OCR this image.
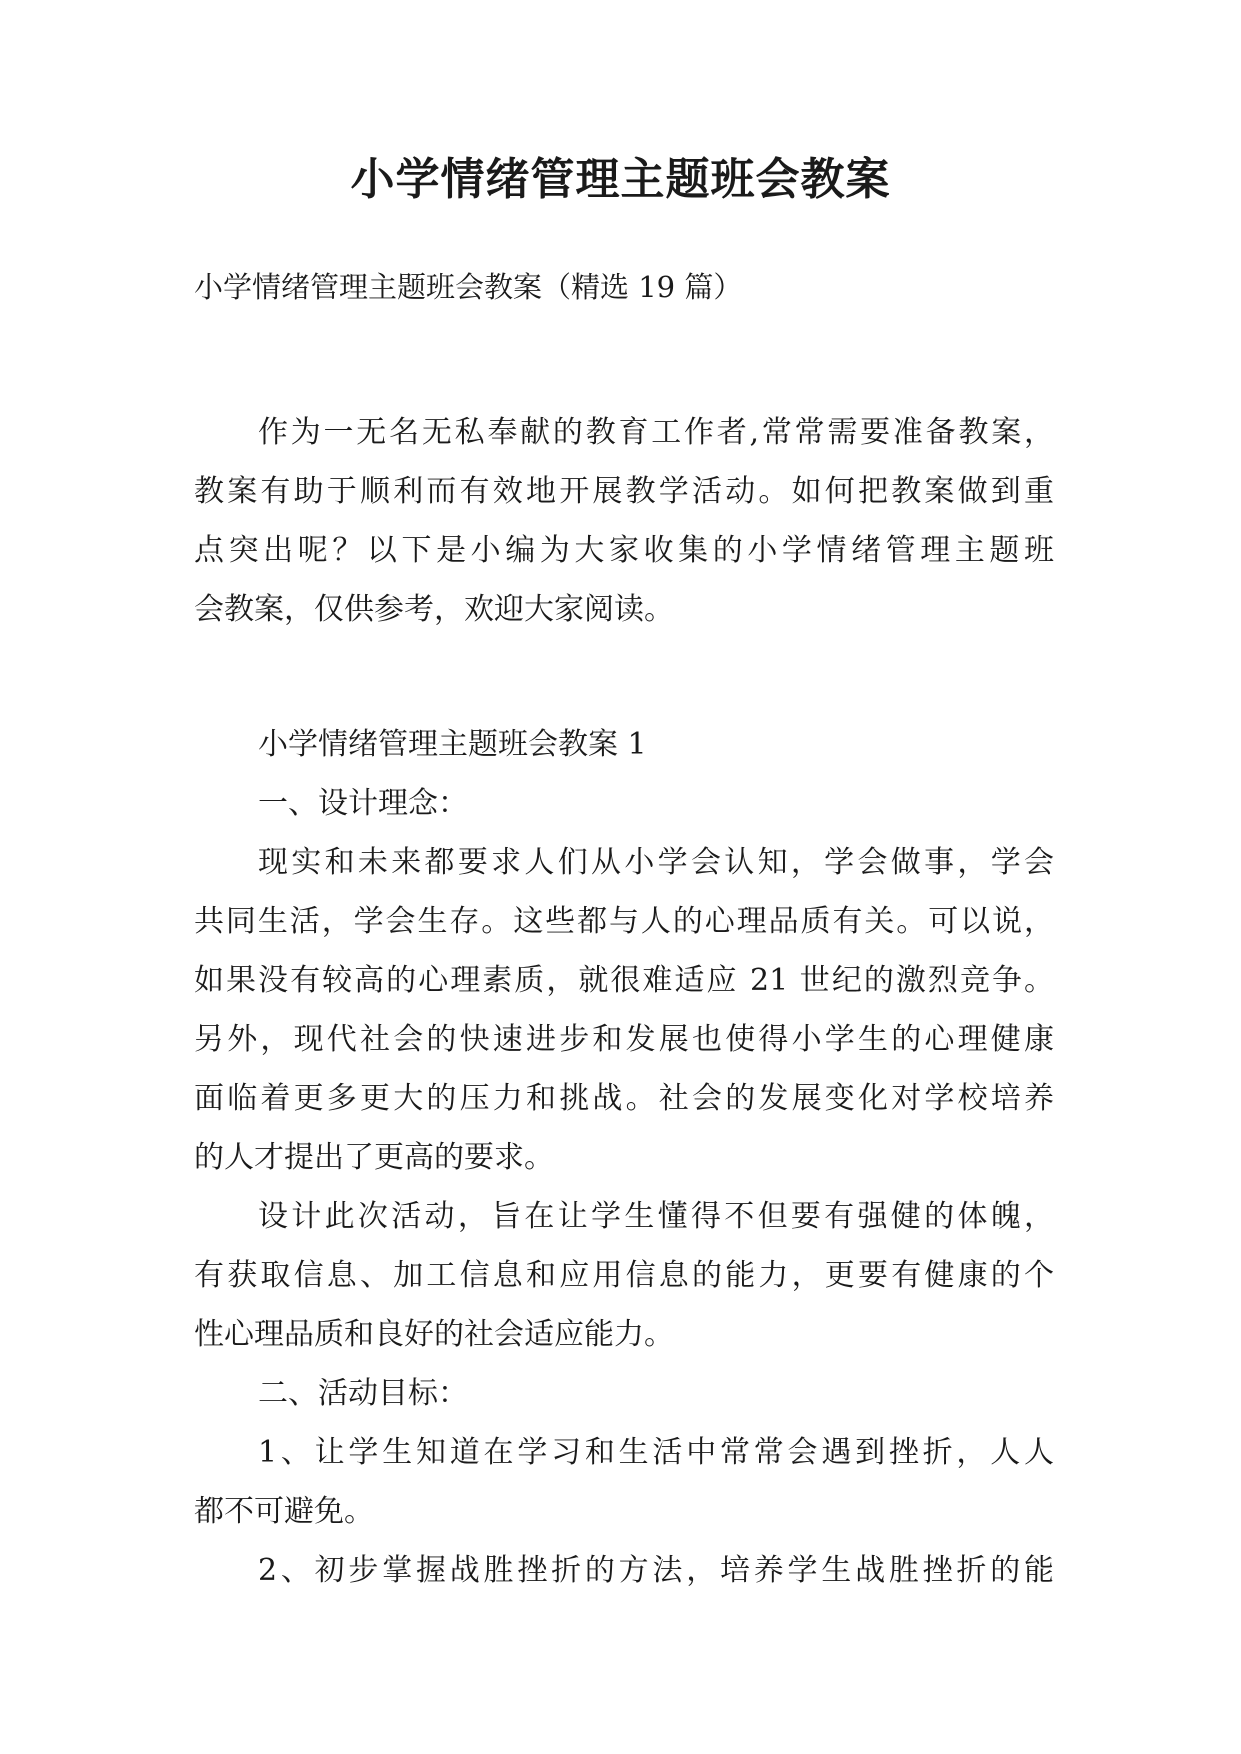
小学情绪管理主题班会教案

小学情绪管理主题班会教案（精选 19 篇）

作为一无名无私奉献的教育工作者,常常需要准备教案，
教案有助于顺利而有效地开展教学活动。如何把教案做到重
点突出呢？以下是小编为大家收集的小学情绪管理主题班
会教案，仅供参考，欢迎大家阅读。
小学情绪管理主题班会教案 1
一、设计理念：
现实和未来都要求人们从小学会认知，学会做事，学会
共同生活，学会生存。这些都与人的心理品质有关。可以说，
如果没有较高的心理素质，就很难适应 21 世纪的激烈竞争。
另外，现代社会的快速进步和发展也使得小学生的心理健康
面临着更多更大的压力和挑战。社会的发展变化对学校培养
的人才提出了更高的要求。
设计此次活动，旨在让学生懂得不但要有强健的体魄，
有获取信息、加工信息和应用信息的能力，更要有健康的个
性心理品质和良好的社会适应能力。
二、活动目标：
1、让学生知道在学习和生活中常常会遇到挫折，人人
都不可避免。
2、初步掌握战胜挫折的方法，培养学生战胜挫折的能
